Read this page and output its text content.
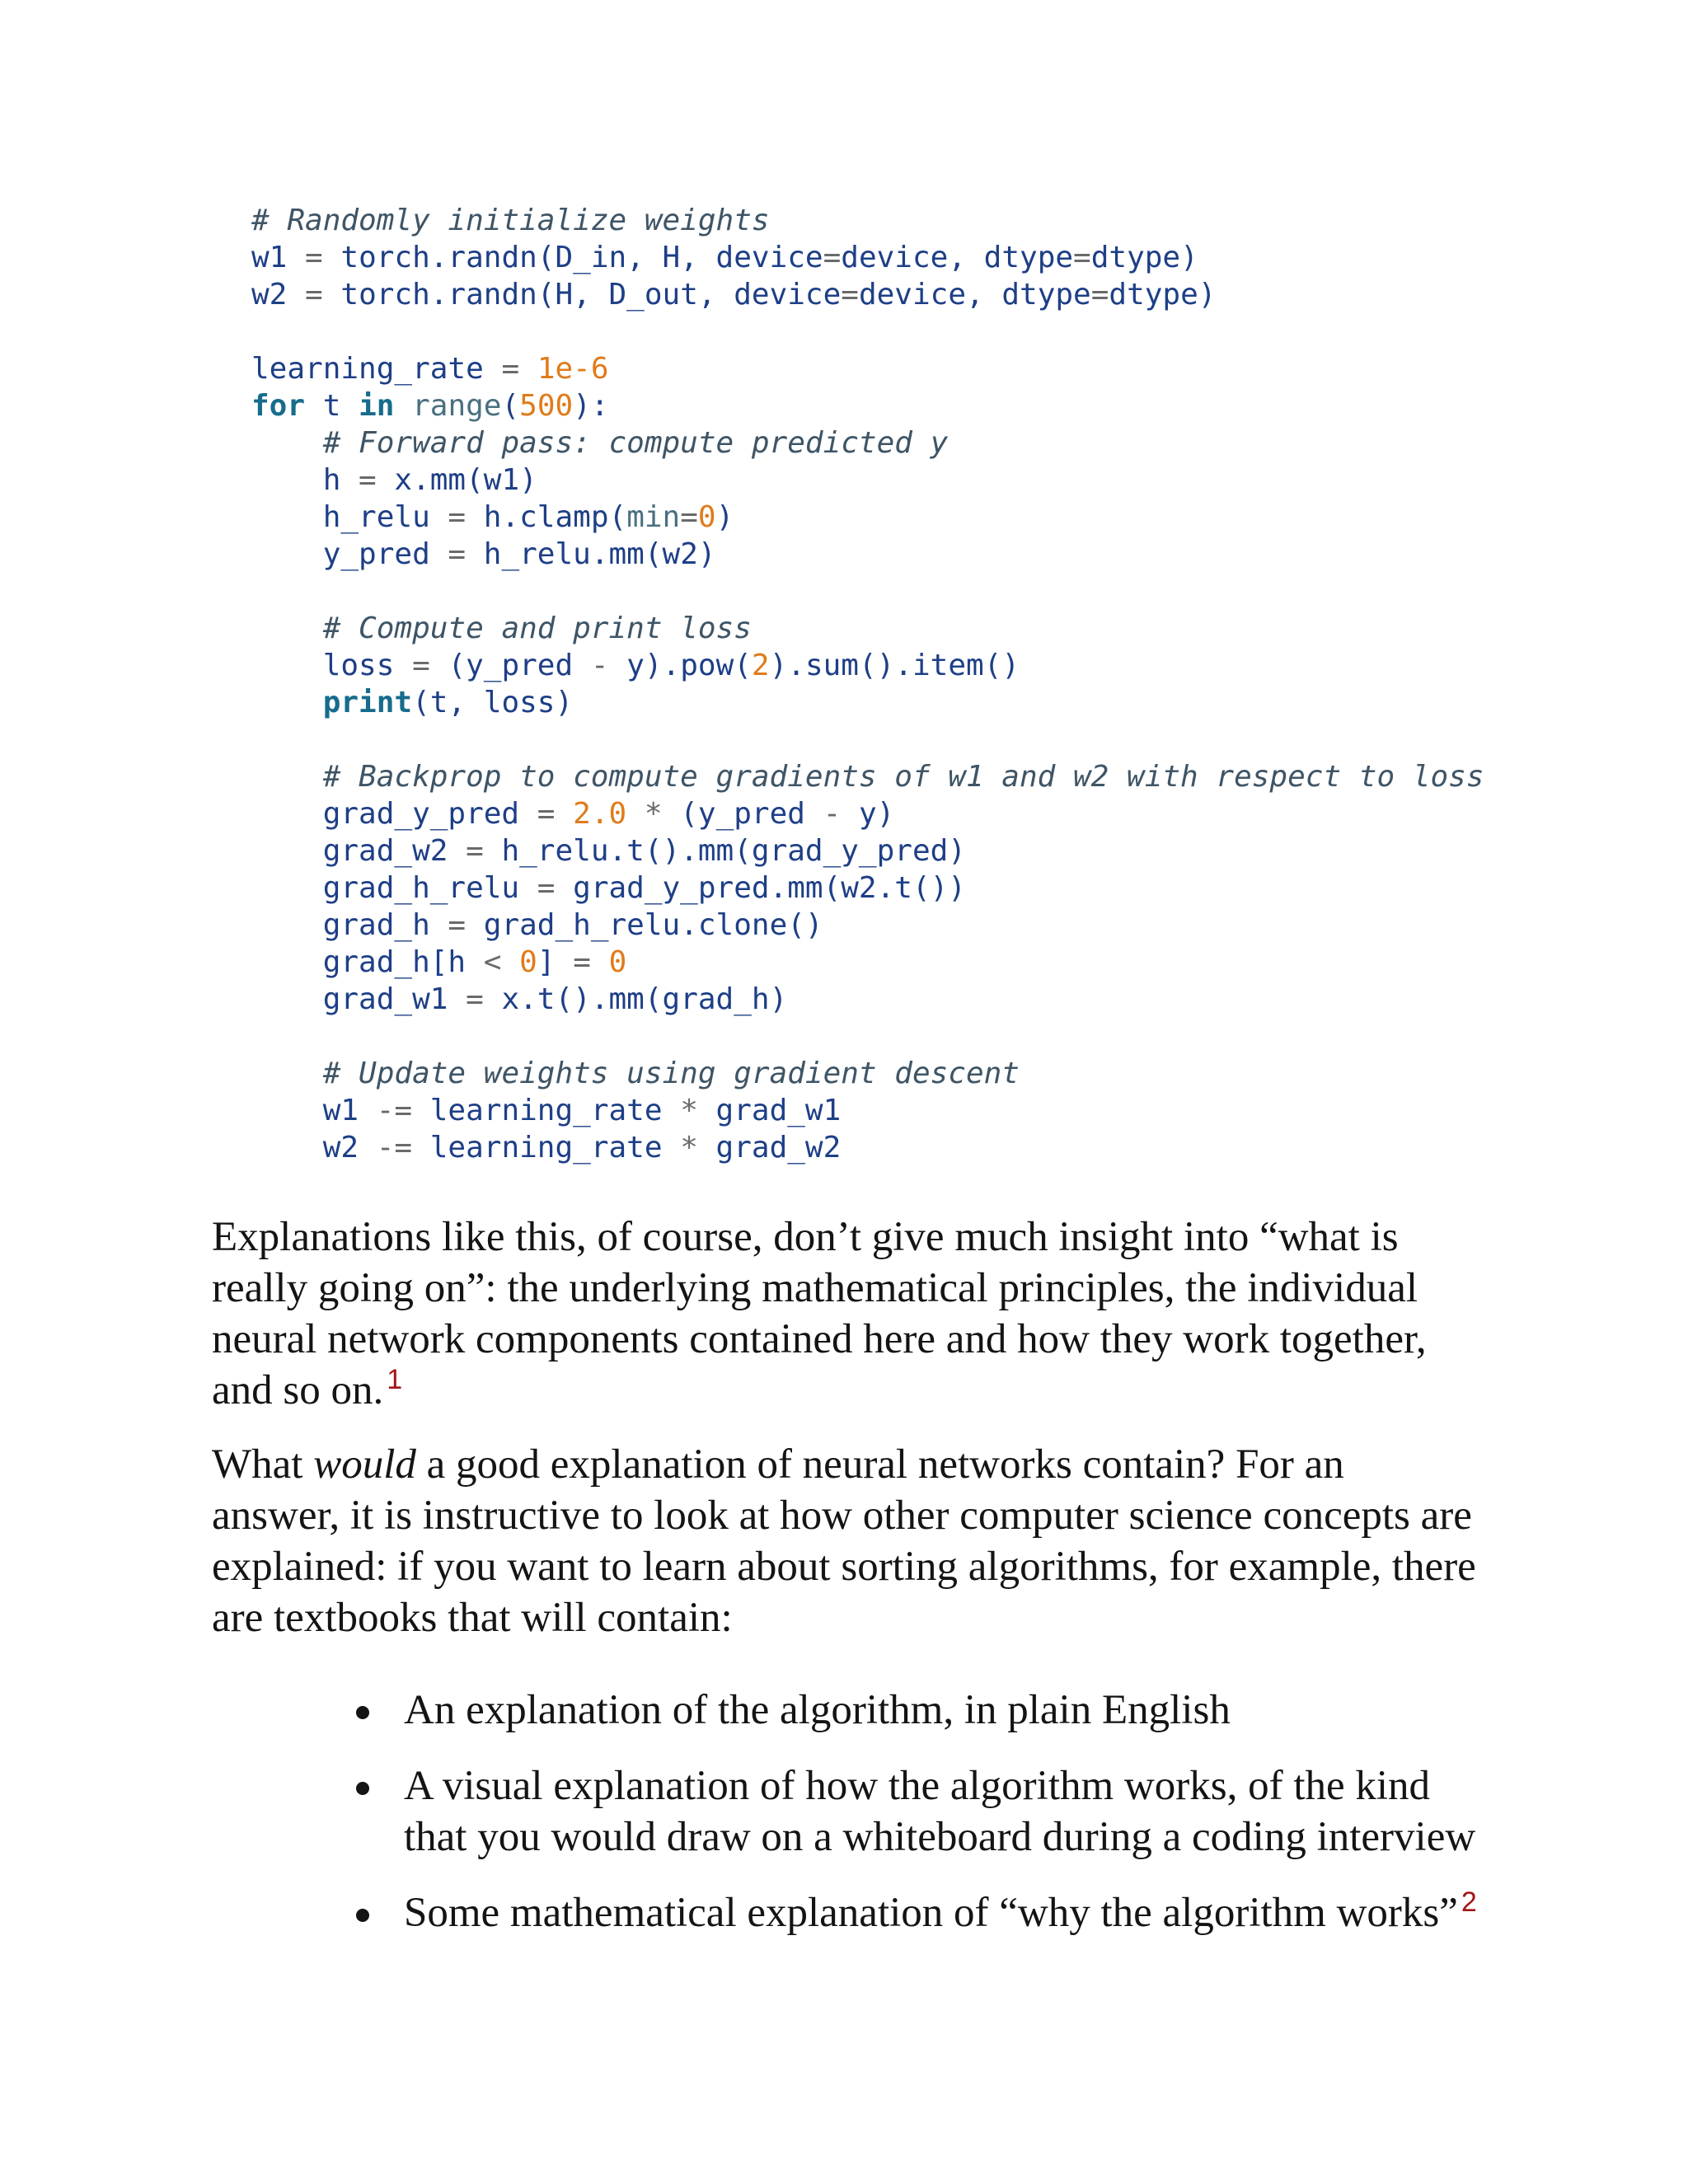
# Randomly initialize weights
w1 = torch.randn(D_in, H, device=device, dtype=dtype)
w2 = torch.randn(H, D_out, device=device, dtype=dtype)
learning_rate = 1e-6
for t in range(500):
# Forward pass: compute predicted y
h = x.mm(w1)
h_relu = h.clamp(min=0)
y_pred = h_relu.mm(w2)
# Compute and print loss
loss = (y_pred - y).pow(2).sum().item()
print(t, loss)
# Backprop to compute gradients of w1 and w2 with respect to loss
grad_y_pred = 2.0 * (y_pred - y)
grad_w2 = h_relu.t().mm(grad_y_pred)
grad_h_relu = grad_y_pred.mm(w2.t())
grad_h = grad_h_relu.clone()
grad_h[h < 0] = 0
grad_w1 = x.t().mm(grad_h)
# Update weights using gradient descent
w1 -= learning_rate * grad_w1
w2 -= learning_rate * grad_w2

Explanations like this, of course, don’t give much insight into “what is really going on”: the underlying mathematical principles, the individual neural network components contained here and how they work together, and so on. $^1$

What would a good explanation of neural networks contain? For an answer, it is instructive to look at how other computer science concepts are explained: if you want to learn about sorting algorithms, for example, there are textbooks that will contain:

An explanation of the algorithm, in plain English
A visual explanation of how the algorithm works, of the kind that you would draw on a whiteboard during a coding interview
Some mathematical explanation of “why the algorithm works” $^2$
